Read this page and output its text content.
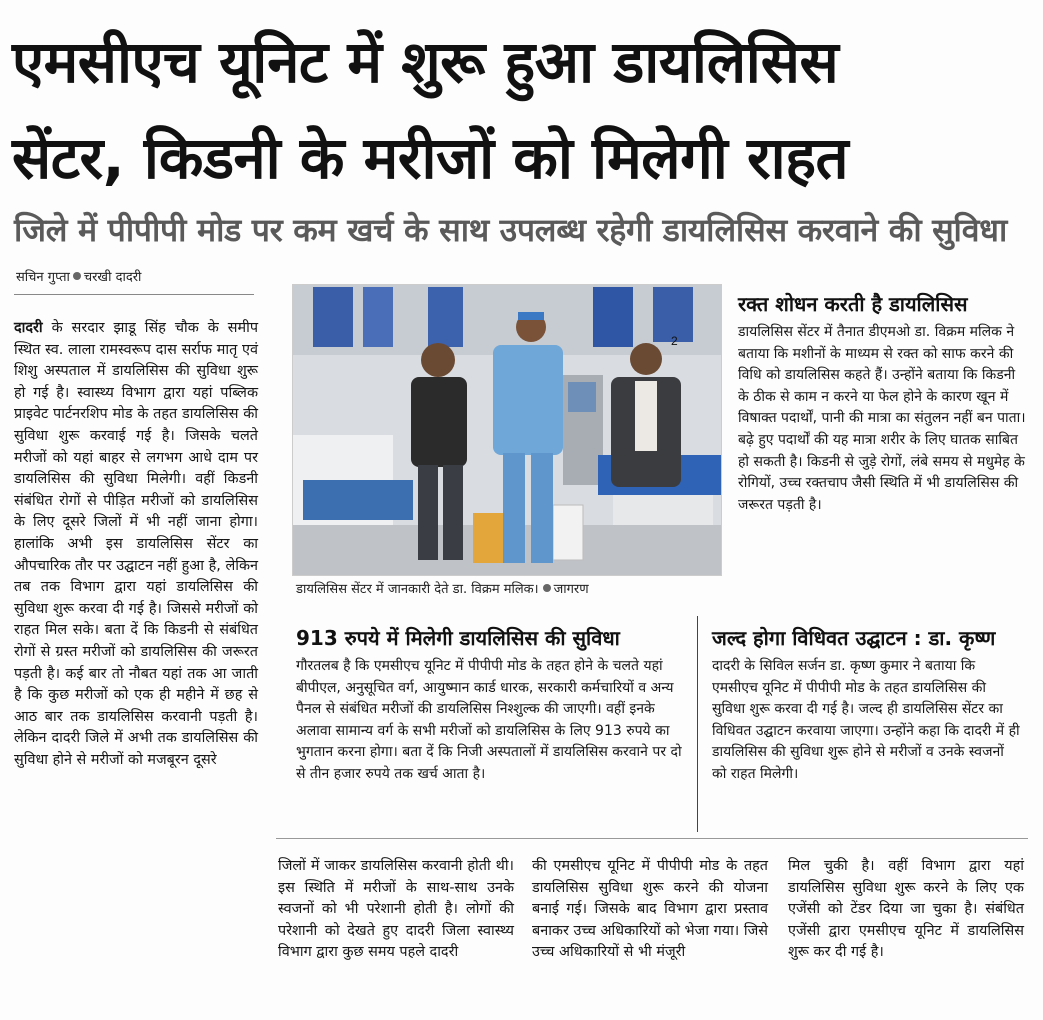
एमसीएच यूनिट में शुरू हुआ डायलिसिस
सेंटर, किडनी के मरीजों को मिलेगी राहत
जिले में पीपीपी मोड पर कम खर्च के साथ उपलब्ध रहेगी डायलिसिस करवाने की सुविधा
सचिन गुप्ता चरखी दादरी
दादरी के सरदार झाडू सिंह चौक के समीप स्थित स्व. लाला रामस्वरूप दास सर्राफ मातृ एवं शिशु अस्पताल में डायलिसिस की सुविधा शुरू हो गई है। स्वास्थ्य विभाग द्वारा यहां पब्लिक प्राइवेट पार्टनरशिप मोड के तहत डायलिसिस की सुविधा शुरू करवाई गई है। जिसके चलते मरीजों को यहां बाहर से लगभग आधे दाम पर डायलिसिस की सुविधा मिलेगी। वहीं किडनी संबंधित रोगों से पीड़ित मरीजों को डायलिसिस के लिए दूसरे जिलों में भी नहीं जाना होगा। हालांकि अभी इस डायलिसिस सेंटर का औपचारिक तौर पर उद्घाटन नहीं हुआ है, लेकिन तब तक विभाग द्वारा यहां डायलिसिस की सुविधा शुरू करवा दी गई है। जिससे मरीजों को राहत मिल सके। बता दें कि किडनी से संबंधित रोगों से ग्रस्त मरीजों को डायलिसिस की जरूरत पड़ती है। कई बार तो नौबत यहां तक आ जाती है कि कुछ मरीजों को एक ही महीने में छह से आठ बार तक डायलिसिस करवानी पड़ती है। लेकिन दादरी जिले में अभी तक डायलिसिस की सुविधा होने से मरीजों को मजबूरन दूसरे
2
डायलिसिस सेंटर में जानकारी देते डा. विक्रम मलिक। जागरण
रक्त शोधन करती है डायलिसिस
डायलिसिस सेंटर में तैनात डीएमओ डा. विक्रम मलिक ने बताया कि मशीनों के माध्यम से रक्त को साफ करने की विधि को डायलिसिस कहते हैं। उन्होंने बताया कि किडनी के ठीक से काम न करने या फेल होने के कारण खून में विषाक्त पदार्थों, पानी की मात्रा का संतुलन नहीं बन पाता। बढ़े हुए पदार्थों की यह मात्रा शरीर के लिए घातक साबित हो सकती है। किडनी से जुड़े रोगों, लंबे समय से मधुमेह के रोगियों, उच्च रक्तचाप जैसी स्थिति में भी डायलिसिस की जरूरत पड़ती है।
913 रुपये में मिलेगी डायलिसिस की सुविधा
गौरतलब है कि एमसीएच यूनिट में पीपीपी मोड के तहत होने के चलते यहां बीपीएल, अनुसूचित वर्ग, आयुष्मान कार्ड धारक, सरकारी कर्मचारियों व अन्य पैनल से संबंधित मरीजों की डायलिसिस निश्शुल्क की जाएगी। वहीं इनके अलावा सामान्य वर्ग के सभी मरीजों को डायलिसिस के लिए 913 रुपये का भुगतान करना होगा। बता दें कि निजी अस्पतालों में डायलिसिस करवाने पर दो से तीन हजार रुपये तक खर्च आता है।
जल्द होगा विधिवत उद्घाटन : डा. कृष्ण
दादरी के सिविल सर्जन डा. कृष्ण कुमार ने बताया कि एमसीएच यूनिट में पीपीपी मोड के तहत डायलिसिस की सुविधा शुरू करवा दी गई है। जल्द ही डायलिसिस सेंटर का विधिवत उद्घाटन करवाया जाएगा। उन्होंने कहा कि दादरी में ही डायलिसिस की सुविधा शुरू होने से मरीजों व उनके स्वजनों को राहत मिलेगी।
जिलों में जाकर डायलिसिस करवानी होती थी। इस स्थिति में मरीजों के साथ-साथ उनके स्वजनों को भी परेशानी होती है। लोगों की परेशानी को देखते हुए दादरी जिला स्वास्थ्य विभाग द्वारा कुछ समय पहले दादरी
की एमसीएच यूनिट में पीपीपी मोड के तहत डायलिसिस सुविधा शुरू करने की योजना बनाई गई। जिसके बाद विभाग द्वारा प्रस्ताव बनाकर उच्च अधिकारियों को भेजा गया। जिसे उच्च अधिकारियों से भी मंजूरी
मिल चुकी है। वहीं विभाग द्वारा यहां डायलिसिस सुविधा शुरू करने के लिए एक एजेंसी को टेंडर दिया जा चुका है। संबंधित एजेंसी द्वारा एमसीएच यूनिट में डायलिसिस शुरू कर दी गई है।
